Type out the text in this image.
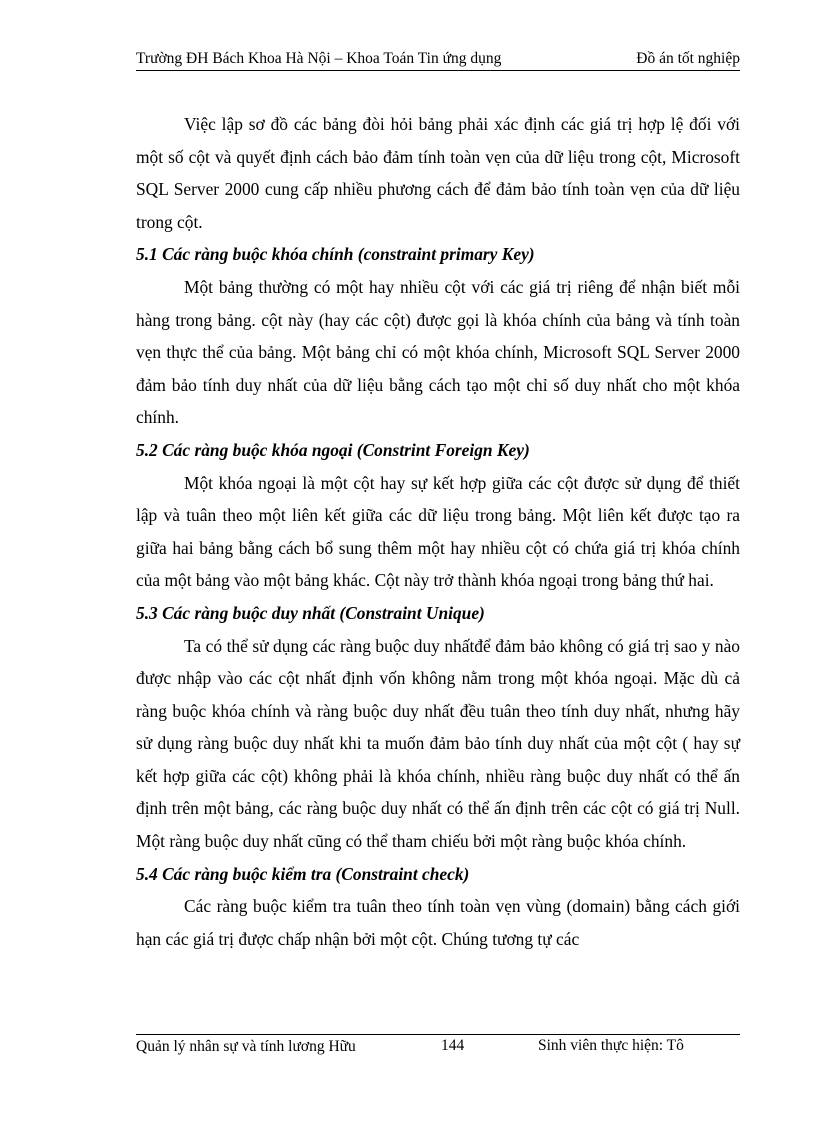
Trường ĐH Bách Khoa Hà Nội – Khoa Toán Tin ứng dụng	Đồ án tốt nghiệp

Việc lập sơ đồ các bảng đòi hỏi bảng phải xác định các giá trị hợp lệ đối với một số cột và quyết định cách bảo đảm tính toàn vẹn của dữ liệu trong cột, Microsoft SQL Server 2000 cung cấp nhiều phương cách để đảm bảo tính toàn vẹn của dữ liệu trong cột.

5.1 Các ràng buộc khóa chính (constraint primary Key)

Một bảng thường có một hay nhiều cột với các giá trị riêng để nhận biết mỗi hàng trong bảng. cột này (hay các cột) được gọi là khóa chính của bảng và tính toàn vẹn thực thể của bảng. Một bảng chỉ có một khóa chính, Microsoft SQL Server 2000 đảm bảo tính duy nhất của dữ liệu bằng cách tạo một chỉ số duy nhất cho một khóa chính.

5.2 Các ràng buộc khóa ngoại (Constrint Foreign Key)

Một khóa ngoại là một cột hay sự kết hợp giữa các cột được sử dụng để thiết lập và tuân theo một liên kết giữa các dữ liệu trong bảng. Một liên kết được tạo ra giữa hai bảng bằng cách bổ sung thêm một hay nhiều cột có chứa giá trị khóa chính của một bảng vào một bảng khác. Cột này trở thành khóa ngoại trong bảng thứ hai.

5.3 Các ràng buộc duy nhất (Constraint Unique)

Ta có thể sử dụng các ràng buộc duy nhấtđể đảm bảo không có giá trị sao y nào được nhập vào các cột nhất định vốn không nằm trong một khóa ngoại. Mặc dù cả ràng buộc khóa chính và ràng buộc duy nhất đều tuân theo tính duy nhất, nhưng hãy sử dụng ràng buộc duy nhất khi ta muốn đảm bảo tính duy nhất của một cột ( hay sự kết hợp giữa các cột) không phải là khóa chính, nhiều ràng buộc duy nhất có thể ấn định trên một bảng, các ràng buộc duy nhất có thể ấn định trên các cột có giá trị Null. Một ràng buộc duy nhất cũng có thể tham chiếu bởi một ràng buộc khóa chính.

5.4 Các ràng buộc kiểm tra (Constraint check)

Các ràng buộc kiểm tra tuân theo tính toàn vẹn vùng (domain) bằng cách giới hạn các giá trị được chấp nhận bởi một cột. Chúng tương tự các

Quản lý nhân sự và tính lương Hữu	144	Sinh viên thực hiện: Tô
